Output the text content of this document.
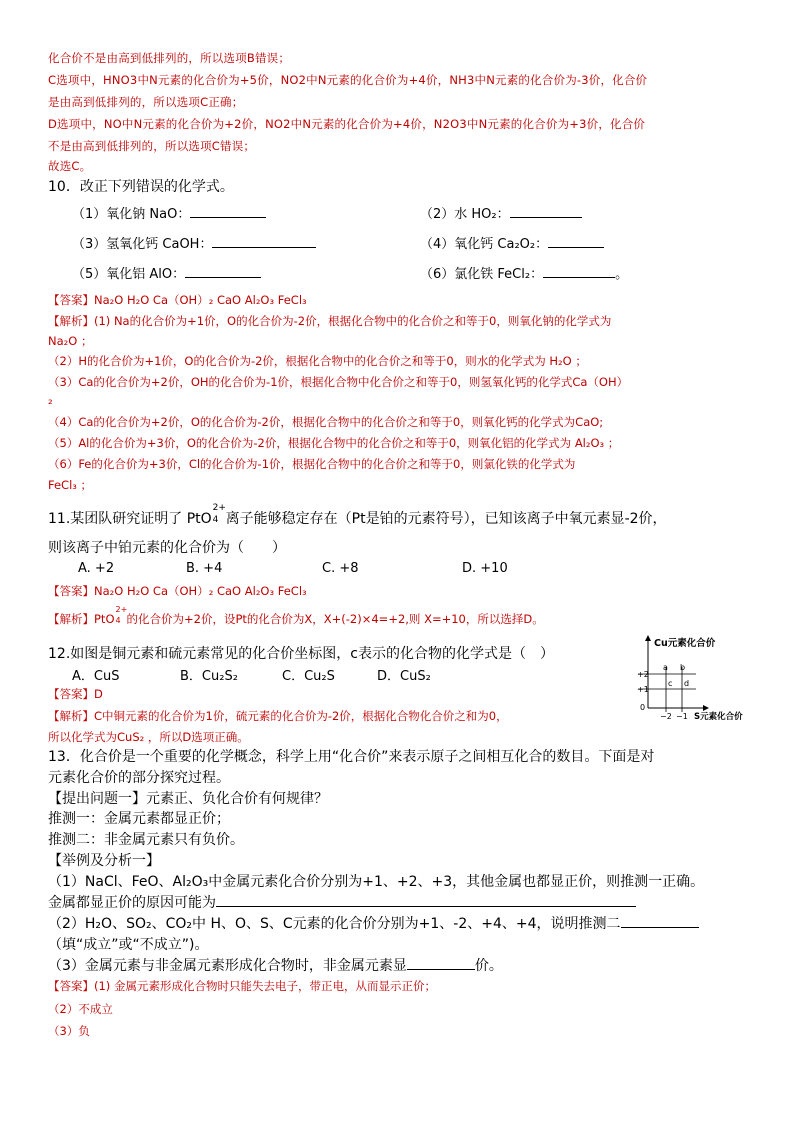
化合价不是由高到低排列的，所以选项B错误；
C选项中，HNO3中N元素的化合价为+5价，NO2中N元素的化合价为+4价，NH3中N元素的化合价为-3价，化合价
是由高到低排列的，所以选项C正确；
D选项中，NO中N元素的化合价为+2价，NO2中N元素的化合价为+4价，N2O3中N元素的化合价为+3价，化合价
不是由高到低排列的，所以选项C错误；
故选C。
10．改正下列错误的化学式。
（1）氧化钠 NaO：	（2）水 HO₂：
（3）氢氧化钙 CaOH：	（4）氧化钙 Ca₂O₂：
（5）氧化铝 AlO：	（6）氯化铁 FeCl₂：	。
【答案】Na₂O H₂O Ca（OH）₂ CaO Al₂O₃ FeCl₃
【解析】(1) Na的化合价为+1价，O的化合价为-2价，根据化合物中的化合价之和等于0，则氧化钠的化学式为
Na₂O ；
（2）H的化合价为+1价，O的化合价为-2价，根据化合物中的化合价之和等于0，则水的化学式为 H₂O ；
（3）Ca的化合价为+2价，OH的化合价为-1价，根据化合物中化合价之和等于0，则氢氧化钙的化学式Ca（OH）
₂
（4）Ca的化合价为+2价，O的化合价为-2价，根据化合物中的化合价之和等于0，则氧化钙的化学式为CaO;
（5）Al的化合价为+3价，O的化合价为-2价，根据化合物中的化合价之和等于0，则氧化铝的化学式为 Al₂O₃ ；
（6）Fe的化合价为+3价，Cl的化合价为-1价，根据化合物中的化合价之和等于0，则氯化铁的化学式为
FeCl₃ ；
11.某团队研究证明了 PtO
2+
4 离子能够稳定存在（Pt是铂的元素符号），已知该离子中氧元素显-2价，
则该离子中铂元素的化合价为（　　）
A. +2	B. +4	C. +8	D. +10
【答案】Na₂O H₂O Ca（OH）₂ CaO Al₂O₃ FeCl₃
【解析】PtO
2+
4 的化合价为+2价，设Pt的化合价为X，X+(-2)×4=+2,则 X=+10，所以选择D。
12.如图是铜元素和硫元素常见的化合价坐标图，c表示的化合物的化学式是（　）
A．CuS	B．Cu₂S₂	C．Cu₂S	D．CuS₂
【答案】D
【解析】C中铜元素的化合价为1价，硫元素的化合价为-2价，根据化合物化合价之和为0，
所以化学式为CuS₂ ，所以D选项正确。
Cu元素化合价
+2
+1
0
−2 −1 S元素化合价
a b
c d
13．化合价是一个重要的化学概念，科学上用“化合价”来表示原子之间相互化合的数目。下面是对
元素化合价的部分探究过程。
【提出问题一】元素正、负化合价有何规律？
推测一：金属元素都显正价；
推测二：非金属元素只有负价。
【举例及分析一】
（1）NaCl、FeO、Al₂O₃中金属元素化合价分别为+1、+2、+3，其他金属也都显正价，则推测一正确。
金属都显正价的原因可能为
（2）H₂O、SO₂、CO₂中 H、O、S、C元素的化合价分别为+1、-2、+4、+4，说明推测二
（填“成立”或“不成立”)。
（3）金属元素与非金属元素形成化合物时，非金属元素显	价。
【答案】(1) 金属元素形成化合物时只能失去电子，带正电，从而显示正价；
（2）不成立
（3）负
